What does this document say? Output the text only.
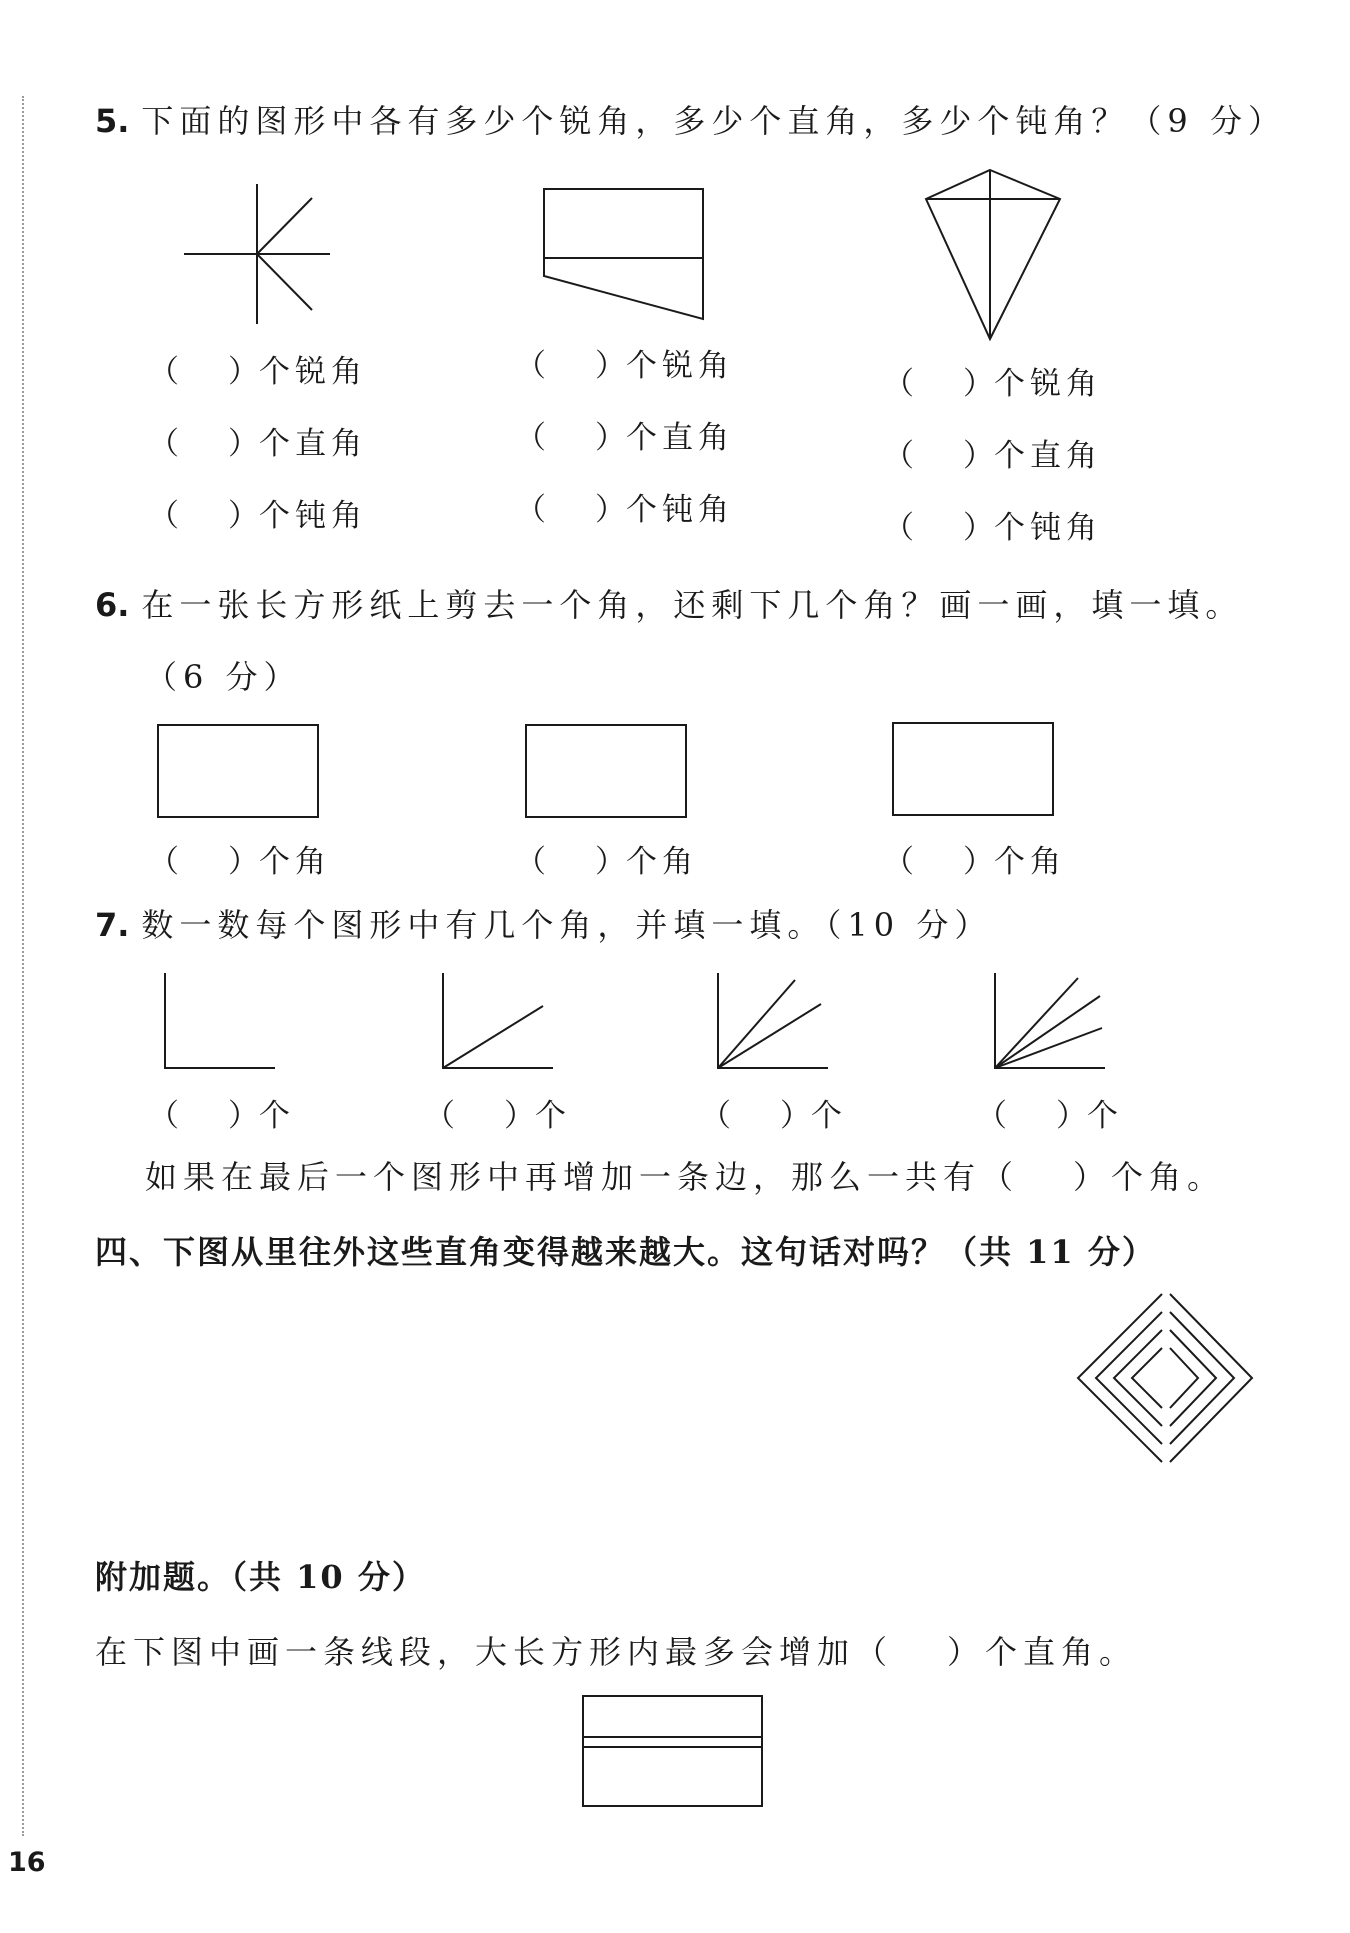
5. 下面的图形中各有多少个锐角，多少个直角，多少个钝角？（9 分）
（ ）个锐角
（ ）个直角
（ ）个钝角
（ ）个锐角
（ ）个直角
（ ）个钝角
（ ）个锐角
（ ）个直角
（ ）个钝角
6. 在一张长方形纸上剪去一个角，还剩下几个角？画一画，填一填。
（6 分）
（ ）个角	（ ）个角	（ ）个角
7. 数一数每个图形中有几个角，并填一填。（10 分）
（ ）个	（ ）个	（ ）个	（ ）个
如果在最后一个图形中再增加一条边，那么一共有（ ）个角。
四、下图从里往外这些直角变得越来越大。这句话对吗？（共 11 分）
附加题。（共 10 分）
在下图中画一条线段，大长方形内最多会增加（ ）个直角。
16
